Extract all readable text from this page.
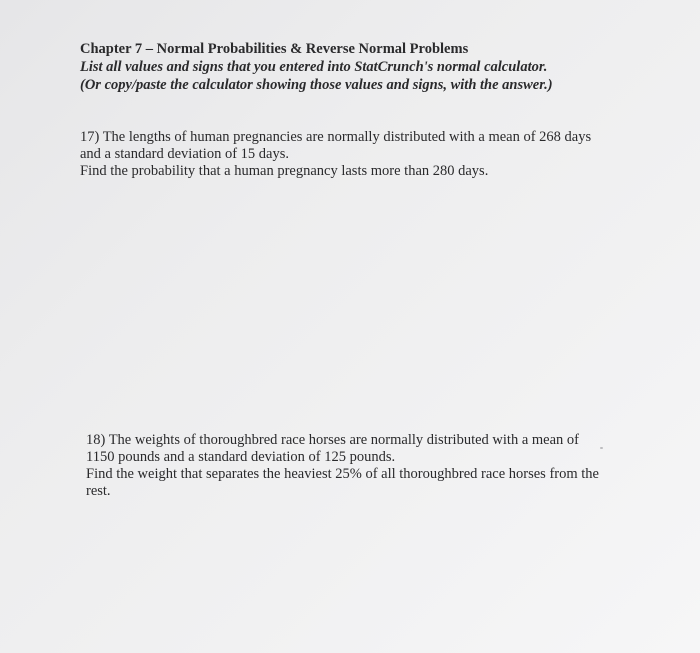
Chapter 7 – Normal Probabilities & Reverse Normal Problems
List all values and signs that you entered into StatCrunch's normal calculator.
(Or copy/paste the calculator showing those values and signs, with the answer.)
17) The lengths of human pregnancies are normally distributed with a mean of 268 days
and a standard deviation of 15 days.
Find the probability that a human pregnancy lasts more than 280 days.
18) The weights of thoroughbred race horses are normally distributed with a mean of
1150 pounds and a standard deviation of 125 pounds.
Find the weight that separates the heaviest 25% of all thoroughbred race horses from the
rest.
